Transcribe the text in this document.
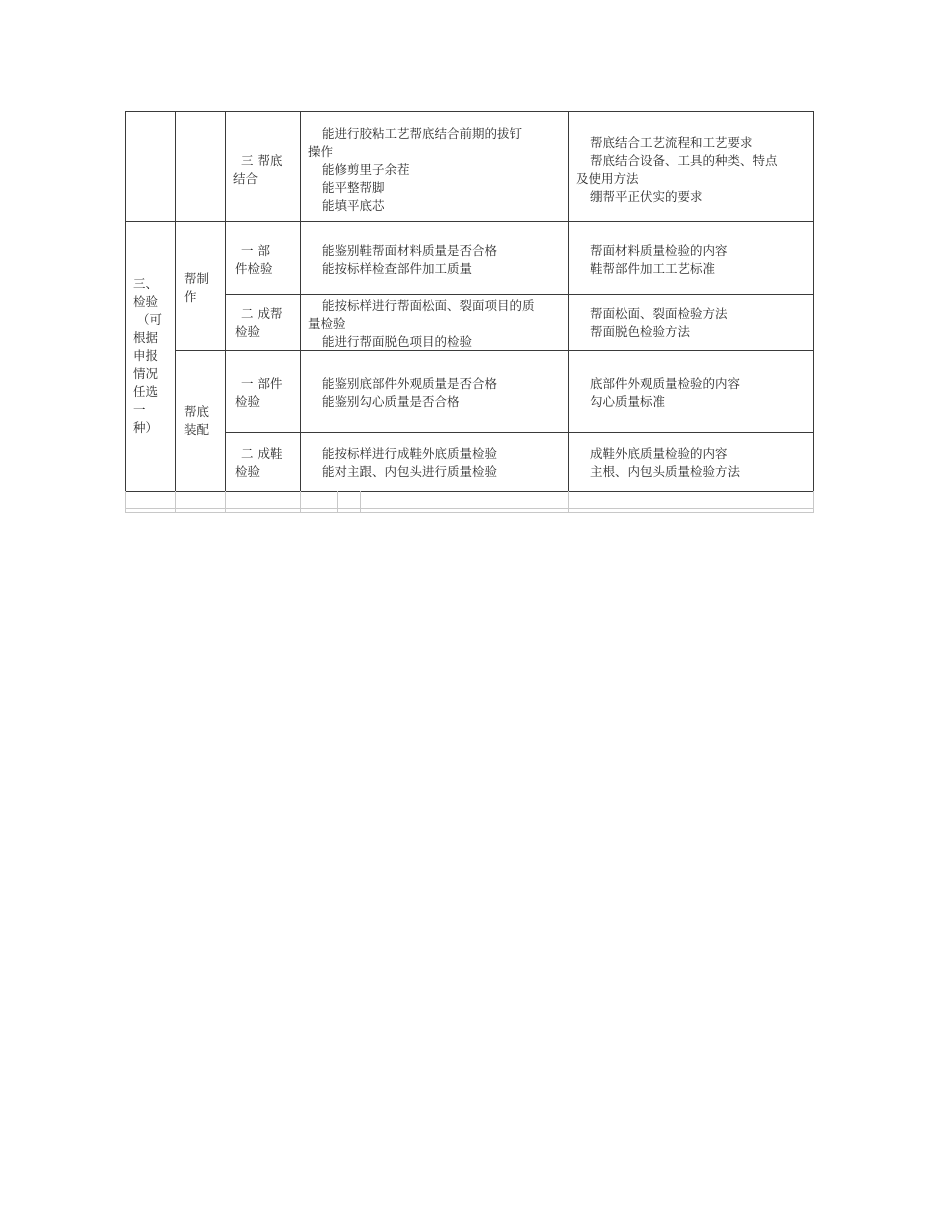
三 帮底
结合
能进行胶粘工艺帮底结合前期的拔钉
操作
能修剪里子余茬
能平整帮脚
能填平底芯
帮底结合工艺流程和工艺要求
帮底结合设备、工具的种类、特点
及使用方法
绷帮平正伏实的要求
三、
检验
（可
根据
申报
情况
任选
一
种）
帮制
作
一 部
件检验
能鉴别鞋帮面材料质量是否合格
能按标样检查部件加工质量
帮面材料质量检验的内容
鞋帮部件加工工艺标准
二 成帮
检验
能按标样进行帮面松面、裂面项目的质
量检验
能进行帮面脱色项目的检验
帮面松面、裂面检验方法
帮面脱色检验方法
帮底
装配
一 部件
检验
能鉴别底部件外观质量是否合格
能鉴别勾心质量是否合格
底部件外观质量检验的内容
勾心质量标准
二 成鞋
检验
能按标样进行成鞋外底质量检验
能对主跟、内包头进行质量检验
成鞋外底质量检验的内容
主根、内包头质量检验方法
